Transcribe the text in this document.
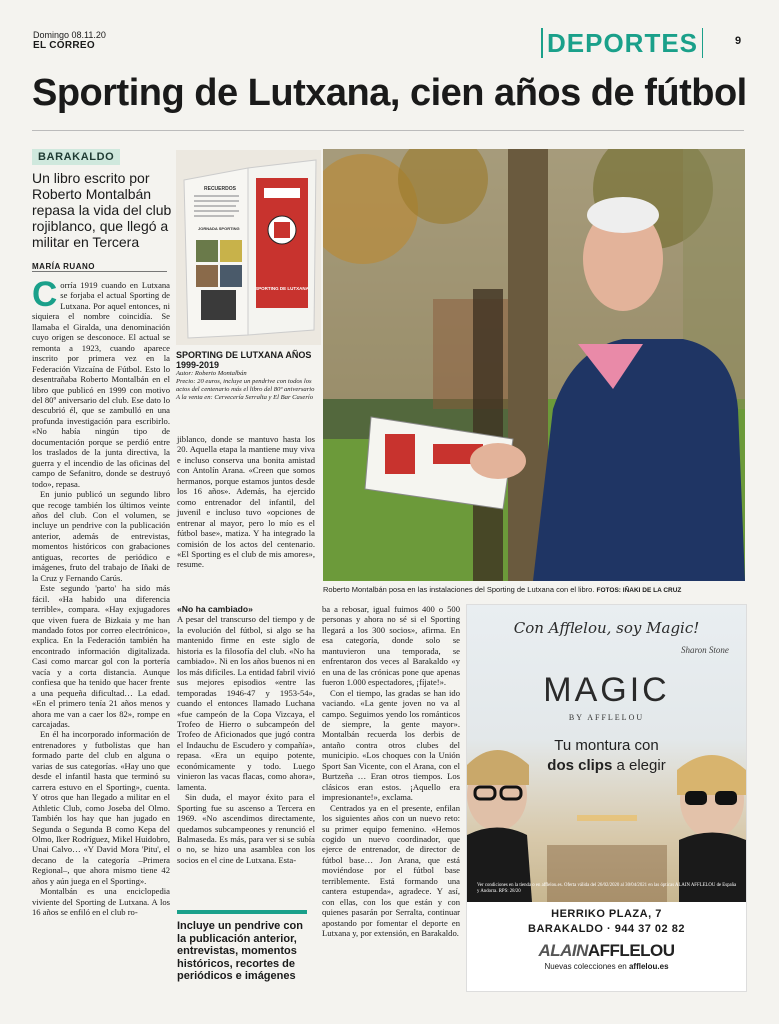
Domingo 08.11.20
EL CORREO	DEPORTES	9
Sporting de Lutxana, cien años de fútbol
BARAKALDO
Un libro escrito por Roberto Montalbán repasa la vida del club rojiblanco, que llegó a militar en Tercera
MARÍA RUANO
Corría 1919 cuando en Lutxana se forjaba el actual Sporting de Lutxana. Por aquel entonces, ni siquiera el nombre coincidía. Se llamaba el Giralda, una denominación cuyo origen se desconoce. El actual se remonta a 1923, cuando aparece inscrito por primera vez en la Federación Vizcaína de Fútbol. Esto lo desentrañaba Roberto Montalbán en el libro que publicó en 1999 con motivo del 80º aniversario del club. Ese dato lo descubrió él, que se zambulló en una profunda investigación para escribirlo. «No había ningún tipo de documentación porque se perdió entre los traslados de la junta directiva, la guerra y el incendio de las oficinas del campo de Sefanitro, donde se destruyó todo», repasa.
En junio publicó un segundo libro que recoge también los últimos veinte años del club. Con el volumen, se incluye un pendrive con la publicación anterior, además de entrevistas, momentos históricos con grabaciones antiguas, recortes de periódico e imágenes, fruto del trabajo de Iñaki de la Cruz y Fernando Carús.
Este segundo 'parto' ha sido más fácil. «Ha habido una diferencia terrible», compara. «Hay exjugadores que viven fuera de Bizkaia y me han mandado fotos por correo electrónico», explica. En la Federación también ha encontrado información digitalizada. Casi como marcar gol con la portería vacía y a corta distancia. Aunque confiesa que ha tenido que hacer frente a una pequeña dificultad… La edad. «En el primero tenía 21 años menos y ahora me van a caer los 82», rompe en carcajadas.
En él ha incorporado información de entrenadores y futbolistas que han formado parte del club en alguna o varias de sus categorías. «Hay uno que desde el infantil hasta que terminó su carrera estuvo en el Sporting», cuenta. Y otros que han llegado a militar en el Athletic Club, como Joseba del Olmo. También los hay que han jugado en Segunda o Segunda B como Kepa del Olmo, Iker Rodríguez, Mikel Huidobro, Unai Calvo… «Y David Mora 'Pitu', el decano de la categoría –Primera Regional–, que ahora mismo tiene 42 años y aún juega en el Sporting».
Montalbán es una enciclopedia viviente del Sporting de Lutxana. A los 16 años se enfiló en el club ro-
RECUERDOS
JORNADA SPORTING
SPORTING DE LUTXANA
SPORTING DE LUTXANA AÑOS 1999-2019
Autor: Roberto Montalbán
Precio: 20 euros, incluye un pendrive con todos los actos del centenario más el libro del 80º aniversario
A la venta en: Cervecería Serralta y El Bar Caserío
jiblanco, donde se mantuvo hasta los 20. Aquella etapa la mantiene muy viva e incluso conserva una bonita amistad con Antolín Arana. «Creen que somos hermanos, porque estamos juntos desde los 16 años». Además, ha ejercido como entrenador del infantil, del juvenil e incluso tuvo «opciones de entrenar al mayor, pero lo mío es el fútbol base», matiza. Y ha integrado la comisión de los actos del centenario. «El Sporting es el club de mis amores», resume.
Roberto Montalbán posa en las instalaciones del Sporting de Lutxana con el libro. FOTOS: IÑAKI DE LA CRUZ
«No ha cambiado»
A pesar del transcurso del tiempo y de la evolución del fútbol, si algo se ha mantenido firme en este siglo de historia es la filosofía del club. «No ha cambiado». Ni en los años buenos ni en los más difíciles. La entidad fabril vivió sus mejores episodios «entre las temporadas 1946-47 y 1953-54», cuando el entonces llamado Luchana «fue campeón de la Copa Vizcaya, el Trofeo de Hierro o subcampeón del Trofeo de Aficionados que jugó contra el Indauchu de Escudero y compañía», repasa. «Era un equipo potente, económicamente y todo. Luego vinieron las vacas flacas, como ahora», lamenta.
Sin duda, el mayor éxito para el Sporting fue su ascenso a Tercera en 1969. «No ascendimos directamente, quedamos subcampeones y renunció el Balmaseda. Es más, para ver si se subía o no, se hizo una asamblea con los socios en el cine de Lutxana. Esta-
Incluye un pendrive con la publicación anterior, entrevistas, momentos históricos, recortes de periódicos e imágenes
ba a rebosar, igual fuimos 400 o 500 personas y ahora no sé si el Sporting llegará a los 300 socios», afirma. En esa categoría, donde solo se mantuvieron una temporada, se enfrentaron dos veces al Barakaldo «y en una de las crónicas pone que apenas fueron 1.000 espectadores, ¡fíjate!».
Con el tiempo, las gradas se han ido vaciando. «La gente joven no va al campo. Seguimos yendo los románticos de siempre, la gente mayor». Montalbán recuerda los derbis de antaño contra otros clubes del municipio. «Los choques con la Unión Sport San Vicente, con el Arana, con el Burtzeña … Eran otros tiempos. Los clásicos eran estos. ¡Aquello era impresionante!», exclama.
Centrados ya en el presente, enfilan los siguientes años con un nuevo reto: su primer equipo femenino. «Hemos cogido un nuevo coordinador, que ejerce de entrenador, de director de fútbol base… Jon Arana, que está moviéndose por el fútbol base terriblemente. Está formando una cantera estupenda», agradece. Y así, con ellas, con los que están y con quienes pasarán por Serralta, continuar apostando por fomentar el deporte en Lutxana y, por extensión, en Barakaldo.
Con Afflelou, soy Magic!
Sharon Stone
MAGIC
BY AFFLELOU
Tu montura con
dos clips a elegir
Ver condiciones en la tienda o en afflelou.es. Oferta válida del 26/02/2020 al 30/04/2021 en las ópticas ALAIN AFFLELOU de España y Andorra. RPS: 28/20
HERRIKO PLAZA, 7
BARAKALDO · 944 37 02 82
ALAINAFFLELOU
Nuevas colecciones en afflelou.es
